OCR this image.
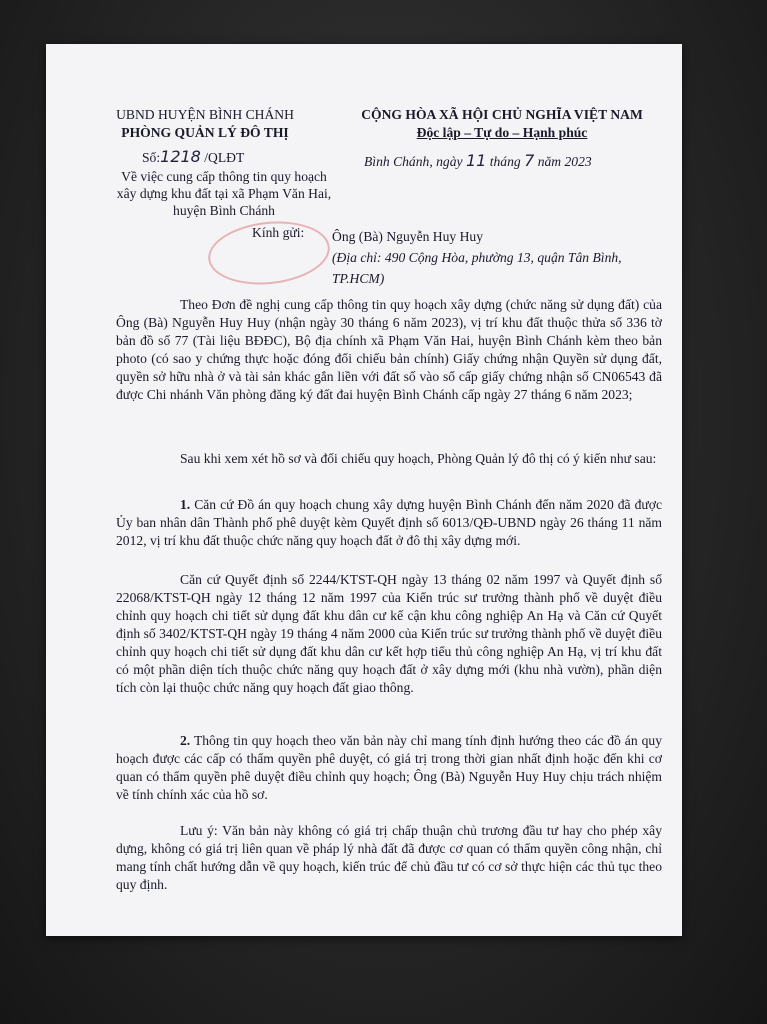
UBND HUYỆN BÌNH CHÁNH
PHÒNG QUẢN LÝ ĐÔ THỊ
CỘNG HÒA XÃ HỘI CHỦ NGHĨA VIỆT NAM
Độc lập – Tự do – Hạnh phúc
Số:1218 /QLĐT
Về việc cung cấp thông tin quy hoạch xây dựng khu đất tại xã Phạm Văn Hai, huyện Bình Chánh
Bình Chánh, ngày 11 tháng 7 năm 2023
Kính gửi: Ông (Bà) Nguyễn Huy Huy
(Địa chỉ: 490 Cộng Hòa, phường 13, quận Tân Bình, TP.HCM)
Theo Đơn đề nghị cung cấp thông tin quy hoạch xây dựng (chức năng sử dụng đất) của Ông (Bà) Nguyễn Huy Huy (nhận ngày 30 tháng 6 năm 2023), vị trí khu đất thuộc thửa số 336 tờ bản đồ số 77 (Tài liệu BĐĐC), Bộ địa chính xã Phạm Văn Hai, huyện Bình Chánh kèm theo bản photo (có sao y chứng thực hoặc đóng đối chiếu bản chính) Giấy chứng nhận Quyền sử dụng đất, quyền sở hữu nhà ở và tài sản khác gắn liền với đất số vào sổ cấp giấy chứng nhận số CN06543 đã được Chi nhánh Văn phòng đăng ký đất đai huyện Bình Chánh cấp ngày 27 tháng 6 năm 2023;
Sau khi xem xét hồ sơ và đối chiếu quy hoạch, Phòng Quản lý đô thị có ý kiến như sau:
1. Căn cứ Đồ án quy hoạch chung xây dựng huyện Bình Chánh đến năm 2020 đã được Ủy ban nhân dân Thành phố phê duyệt kèm Quyết định số 6013/QĐ-UBND ngày 26 tháng 11 năm 2012, vị trí khu đất thuộc chức năng quy hoạch đất ở đô thị xây dựng mới.
Căn cứ Quyết định số 2244/KTST-QH ngày 13 tháng 02 năm 1997 và Quyết định số 22068/KTST-QH ngày 12 tháng 12 năm 1997 của Kiến trúc sư trưởng thành phố về duyệt điều chỉnh quy hoạch chi tiết sử dụng đất khu dân cư kế cận khu công nghiệp An Hạ và Căn cứ Quyết định số 3402/KTST-QH ngày 19 tháng 4 năm 2000 của Kiến trúc sư trưởng thành phố về duyệt điều chỉnh quy hoạch chi tiết sử dụng đất khu dân cư kết hợp tiểu thủ công nghiệp An Hạ, vị trí khu đất có một phần diện tích thuộc chức năng quy hoạch đất ở xây dựng mới (khu nhà vườn), phần diện tích còn lại thuộc chức năng quy hoạch đất giao thông.
2. Thông tin quy hoạch theo văn bản này chỉ mang tính định hướng theo các đồ án quy hoạch được các cấp có thẩm quyền phê duyệt, có giá trị trong thời gian nhất định hoặc đến khi cơ quan có thẩm quyền phê duyệt điều chỉnh quy hoạch; Ông (Bà) Nguyễn Huy Huy chịu trách nhiệm về tính chính xác của hồ sơ.
Lưu ý: Văn bản này không có giá trị chấp thuận chủ trương đầu tư hay cho phép xây dựng, không có giá trị liên quan về pháp lý nhà đất đã được cơ quan có thẩm quyền công nhận, chỉ mang tính chất hướng dẫn về quy hoạch, kiến trúc để chủ đầu tư có cơ sở thực hiện các thủ tục theo quy định.
